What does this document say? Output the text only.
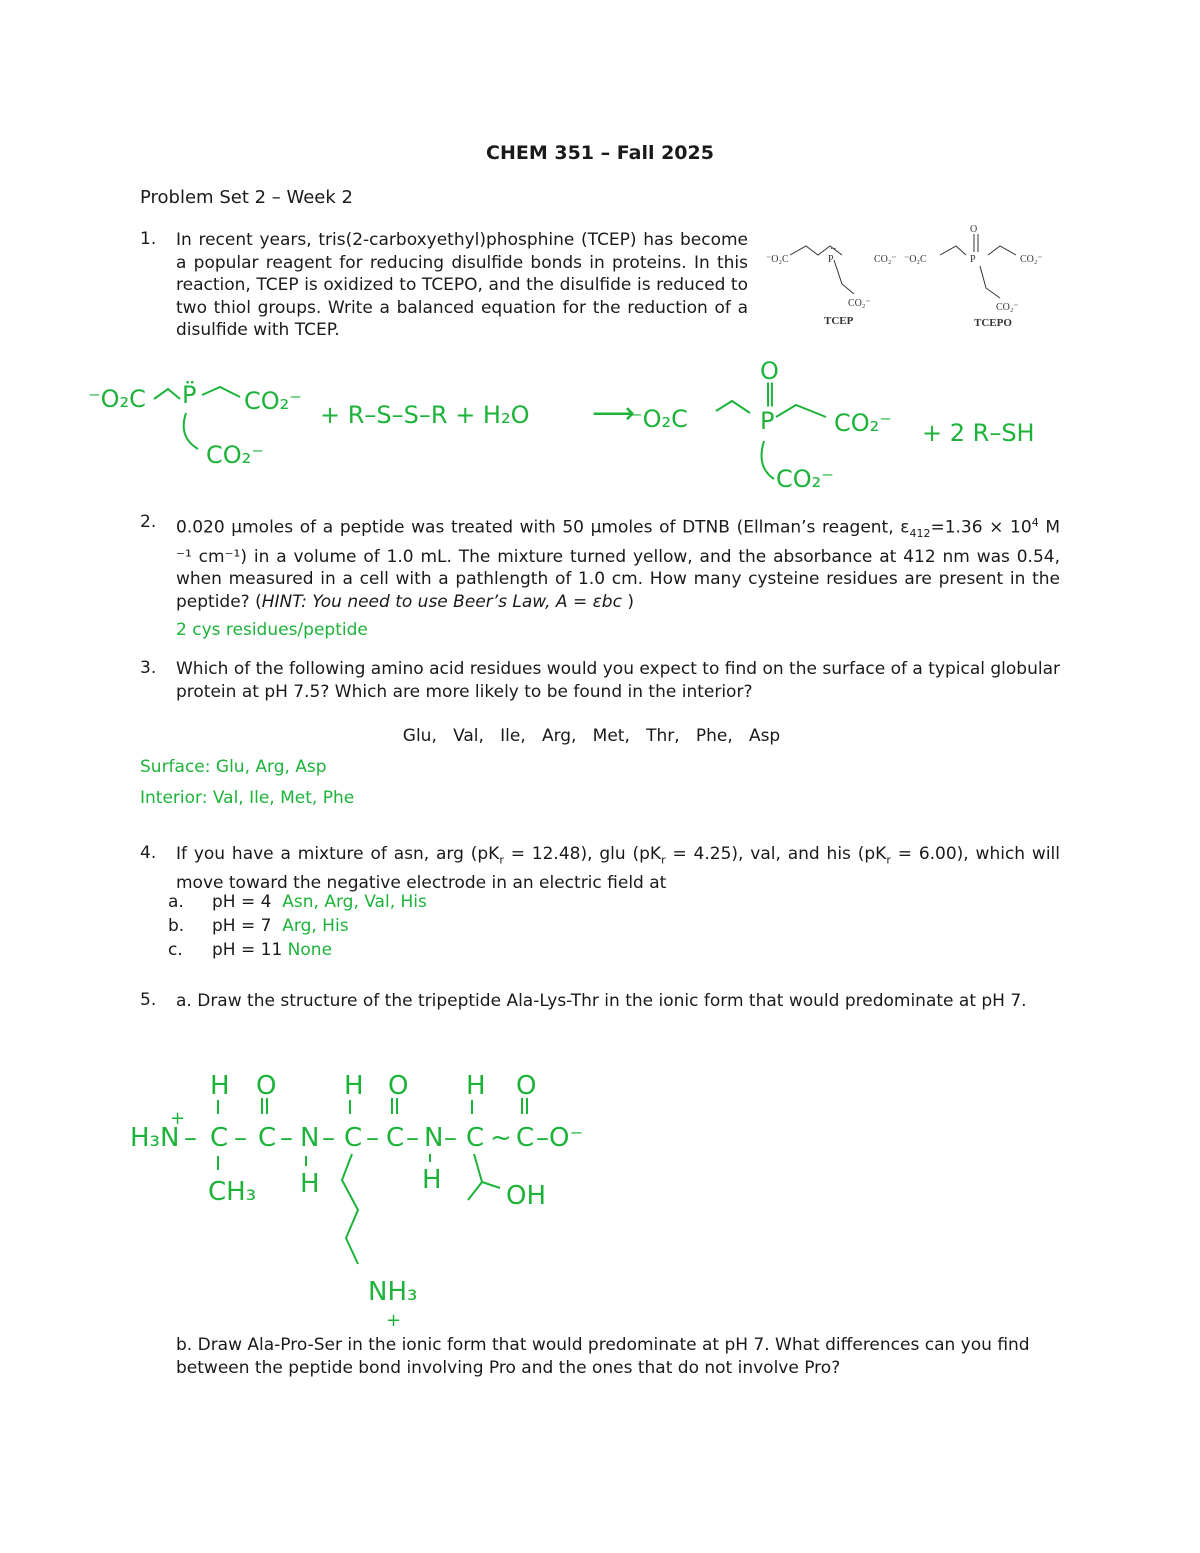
CHEM 351 – Fall 2025
Problem Set 2 – Week 2
1. In recent years, tris(2-carboxyethyl)phosphine (TCEP) has become a popular reagent for reducing disulfide bonds in proteins. In this reaction, TCEP is oxidized to TCEPO, and the disulfide is reduced to two thiol groups. Write a balanced equation for the reduction of a disulfide with TCEP.
⁻O₂C	P
··
CO₂⁻
CO₂⁻
⁻O₂C	P
O
CO₂⁻
CO₂⁻
TCEP	TCEPO
⁻O₂C P̈ CO₂⁻
CO₂⁻
+ R–S–S–R + H₂O ⟶
⁻O₂C
O
‖
P CO₂⁻
CO₂⁻
+ 2 R–SH
2. 0.020 μmoles of a peptide was treated with 50 μmoles of DTNB (Ellman’s reagent, $\varepsilon_{412}=1.36 \times 10^4$ M ⁻¹ cm⁻¹) in a volume of 1.0 mL. The mixture turned yellow, and the absorbance at 412 nm was 0.54, when measured in a cell with a pathlength of 1.0 cm. How many cysteine residues are present in the peptide? (HINT: You need to use Beer’s Law, A = εbc )
2 cys residues/peptide
3. Which of the following amino acid residues would you expect to find on the surface of a typical globular protein at pH 7.5? Which are more likely to be found in the interior?
Glu,   Val,   Ile,   Arg,   Met,   Thr,   Phe,   Asp
Surface: Glu, Arg, Asp
Interior: Val, Ile, Met, Phe
4. If you have a mixture of asn, arg $(pK_r = 12.48)$, glu $(pK_r = 4.25)$, val, and his $(pK_r = 6.00)$, which will move toward the negative electrode in an electric field at
a. pH = 4 Asn, Arg, Val, His
b. pH = 7 Arg, His
c. pH = 11 None
5. a. Draw the structure of the tripeptide Ala-Lys-Thr in the ionic form that would predominate at pH 7.
H O	H O H O
+
H₃N – C – C – N – C – C – N – C ~ C –O⁻
CH₃ H	H
OH
NH₃
+
b. Draw Ala-Pro-Ser in the ionic form that would predominate at pH 7. What differences can you find between the peptide bond involving Pro and the ones that do not involve Pro?
